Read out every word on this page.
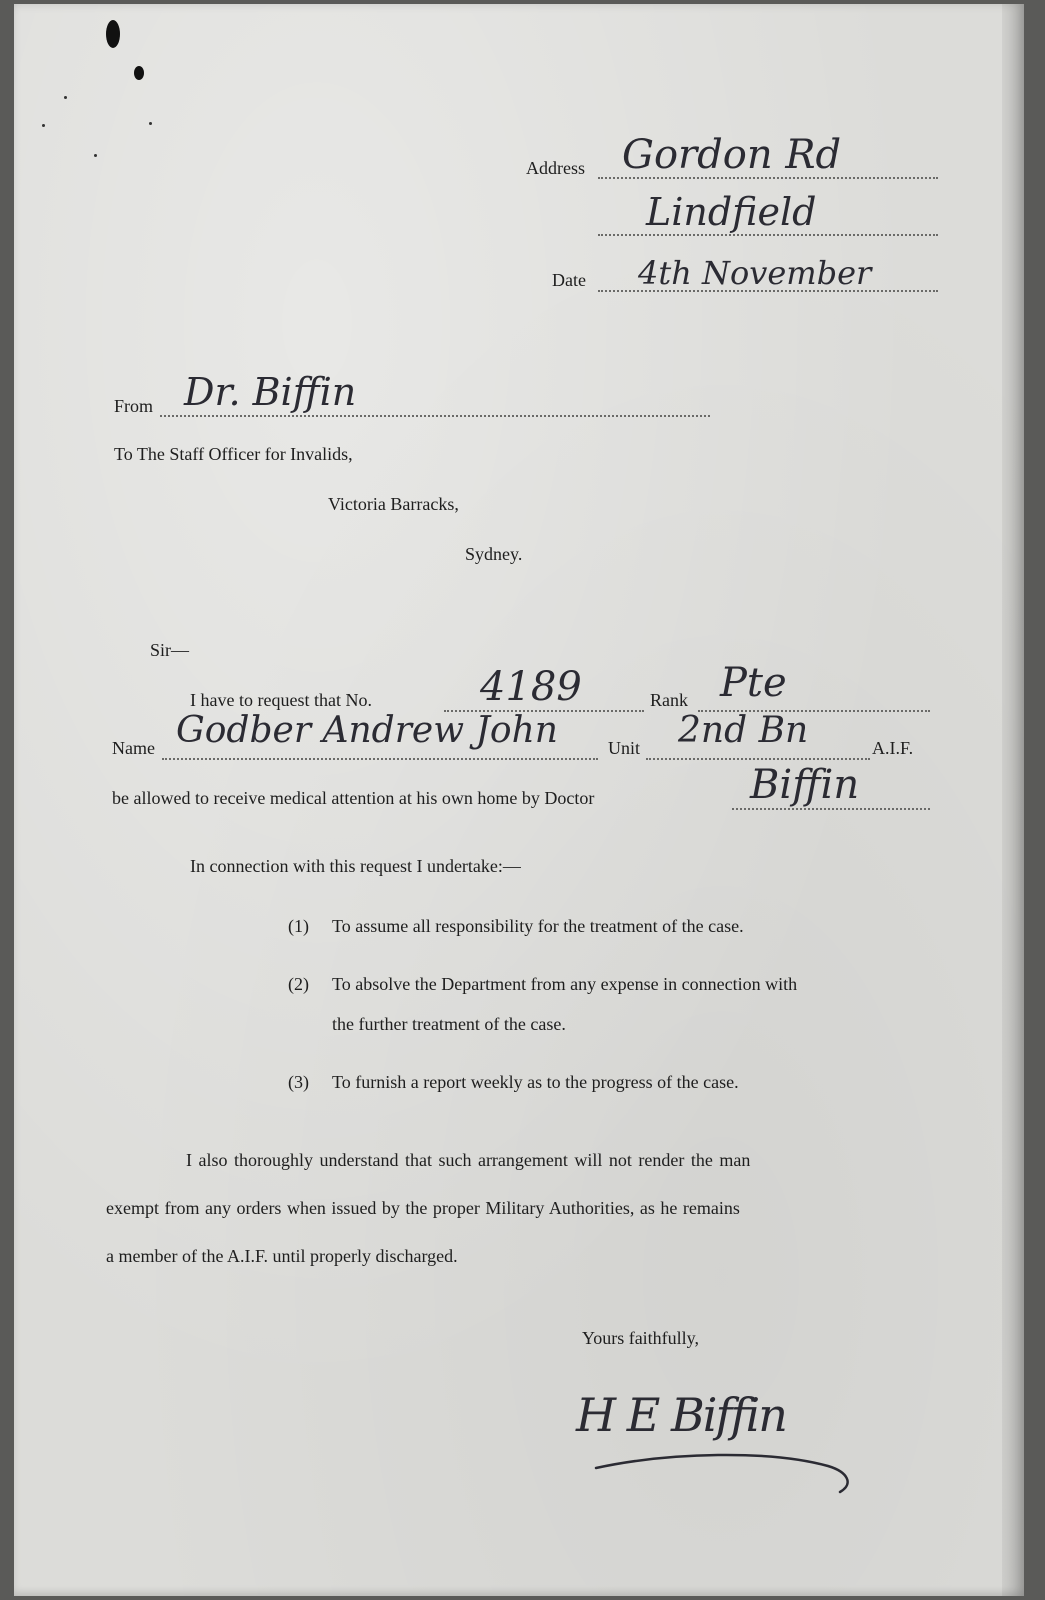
Address Gordon Rd
Lindfield
Date 4th November
From Dr. Biffin
To The Staff Officer for Invalids,
Victoria Barracks,
Sydney.
Sir—
I have to request that No.	4189	Rank Pte
Name Godber Andrew John	Unit 2nd Bn	A.I.F.
be allowed to receive medical attention at his own home by Doctor	Biffin
In connection with this request I undertake:—
(1) To assume all responsibility for the treatment of the case.
(2) To absolve the Department from any expense in connection with
the further treatment of the case.
(3) To furnish a report weekly as to the progress of the case.
I also thoroughly understand that such arrangement will not render the man
exempt from any orders when issued by the proper Military Authorities, as he remains
a member of the A.I.F. until properly discharged.
Yours faithfully,
H E Biffin
